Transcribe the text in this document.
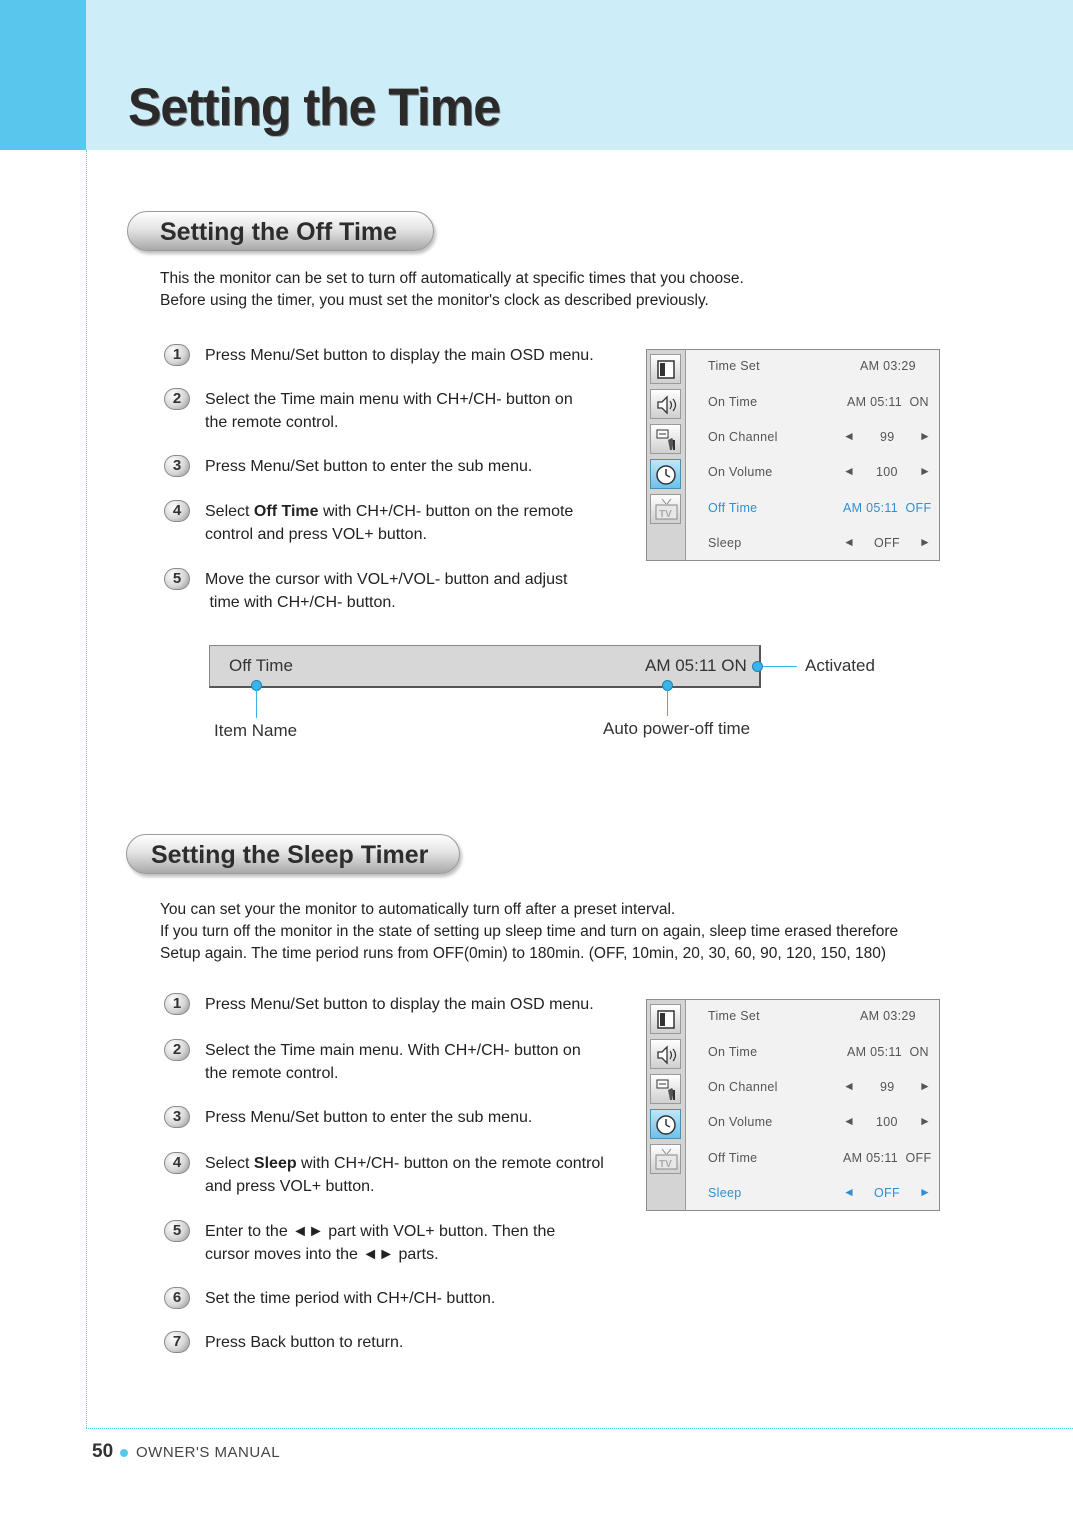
Setting the Time
Setting the Off Time
This the monitor can be set to turn off automatically at specific times that you choose.
Before using the timer, you must set the monitor's clock as described previously.
1	Press Menu/Set button to display the main OSD menu.
2	Select the Time main menu with CH+/CH- button on
the remote control.
3	Press Menu/Set button to enter the sub menu.
4	Select Off Time with CH+/CH- button on the remote
control and press VOL+ button.
5	Move the cursor with VOL+/VOL- button and adjust
time with CH+/CH- button.
TV
Time Set	AM 03:29
On Time	AM 05:11  ON
On Channel	◄ 99 ►
On Volume	◄ 100 ►
Off Time	AM 05:11  OFF
Sleep	◄ OFF ►
Off Time	AM 05:11 ON	Activated
Item Name	Auto power-off time
Setting the Sleep Timer
You can set your the monitor to automatically turn off after a preset interval.
If you turn off the monitor in the state of setting up sleep time and turn on again, sleep time erased therefore
Setup again. The time period runs from OFF(0min) to 180min. (OFF, 10min, 20, 30, 60, 90, 120, 150, 180)
1	Press Menu/Set button to display the main OSD menu.
2	Select the Time main menu. With CH+/CH- button on
the remote control.
3	Press Menu/Set button to enter the sub menu.
4	Select Sleep with CH+/CH- button on the remote control
and press VOL+ button.
5	Enter to the ◄► part with VOL+ button. Then the
cursor moves into the ◄► parts.
6	Set the time period with CH+/CH- button.
7	Press Back button to return.
TV
Time Set	AM 03:29
On Time	AM 05:11  ON
On Channel	◄ 99 ►
On Volume	◄ 100 ►
Off Time	AM 05:11  OFF
Sleep	◄ OFF ►
50 OWNER'S MANUAL
